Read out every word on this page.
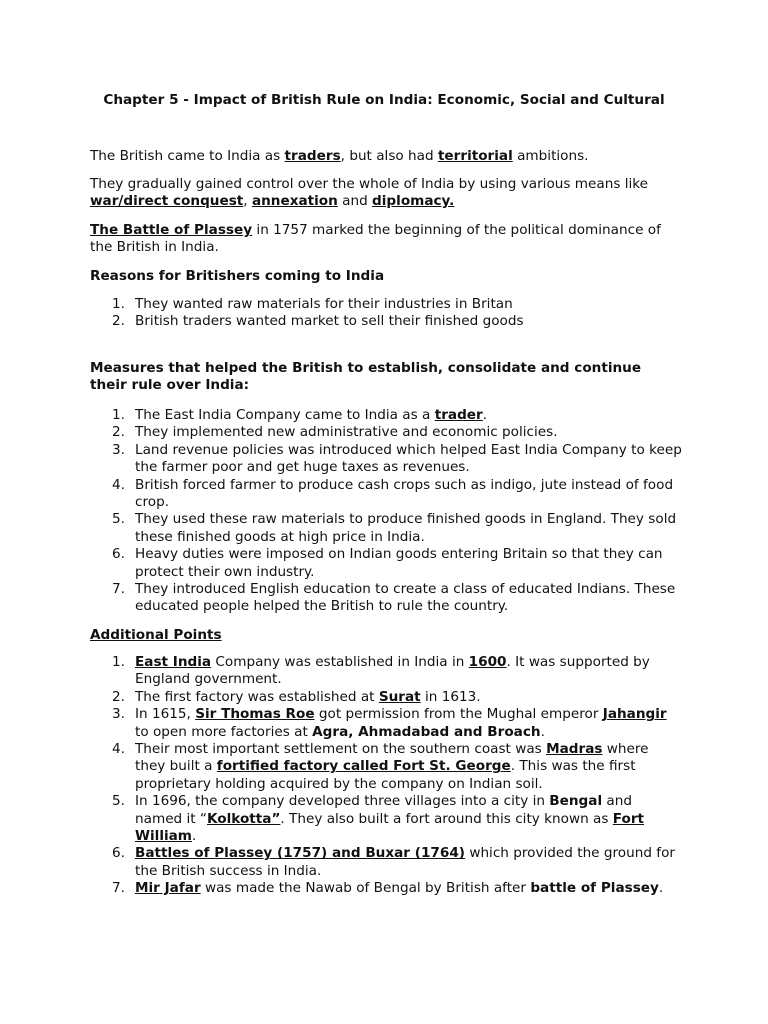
Chapter 5 - Impact of British Rule on India: Economic, Social and Cultural

The British came to India as traders, but also had territorial ambitions.

They gradually gained control over the whole of India by using various means like war/direct conquest, annexation and diplomacy.

The Battle of Plassey in 1757 marked the beginning of the political dominance of the British in India.

Reasons for Britishers coming to India

1. They wanted raw materials for their industries in Britan
2. British traders wanted market to sell their finished goods

Measures that helped the British to establish, consolidate and continue their rule over India:

1. The East India Company came to India as a trader.
2. They implemented new administrative and economic policies.
3. Land revenue policies was introduced which helped East India Company to keep the farmer poor and get huge taxes as revenues.
4. British forced farmer to produce cash crops such as indigo, jute instead of food crop.
5. They used these raw materials to produce finished goods in England. They sold these finished goods at high price in India.
6. Heavy duties were imposed on Indian goods entering Britain so that they can protect their own industry.
7. They introduced English education to create a class of educated Indians. These educated people helped the British to rule the country.

Additional Points

1. East India Company was established in India in 1600. It was supported by England government.
2. The first factory was established at Surat in 1613.
3. In 1615, Sir Thomas Roe got permission from the Mughal emperor Jahangir to open more factories at Agra, Ahmadabad and Broach.
4. Their most important settlement on the southern coast was Madras where they built a fortified factory called Fort St. George. This was the first proprietary holding acquired by the company on Indian soil.
5. In 1696, the company developed three villages into a city in Bengal and named it “Kolkotta”. They also built a fort around this city known as Fort William.
6. Battles of Plassey (1757) and Buxar (1764) which provided the ground for the British success in India.
7. Mir Jafar was made the Nawab of Bengal by British after battle of Plassey.
